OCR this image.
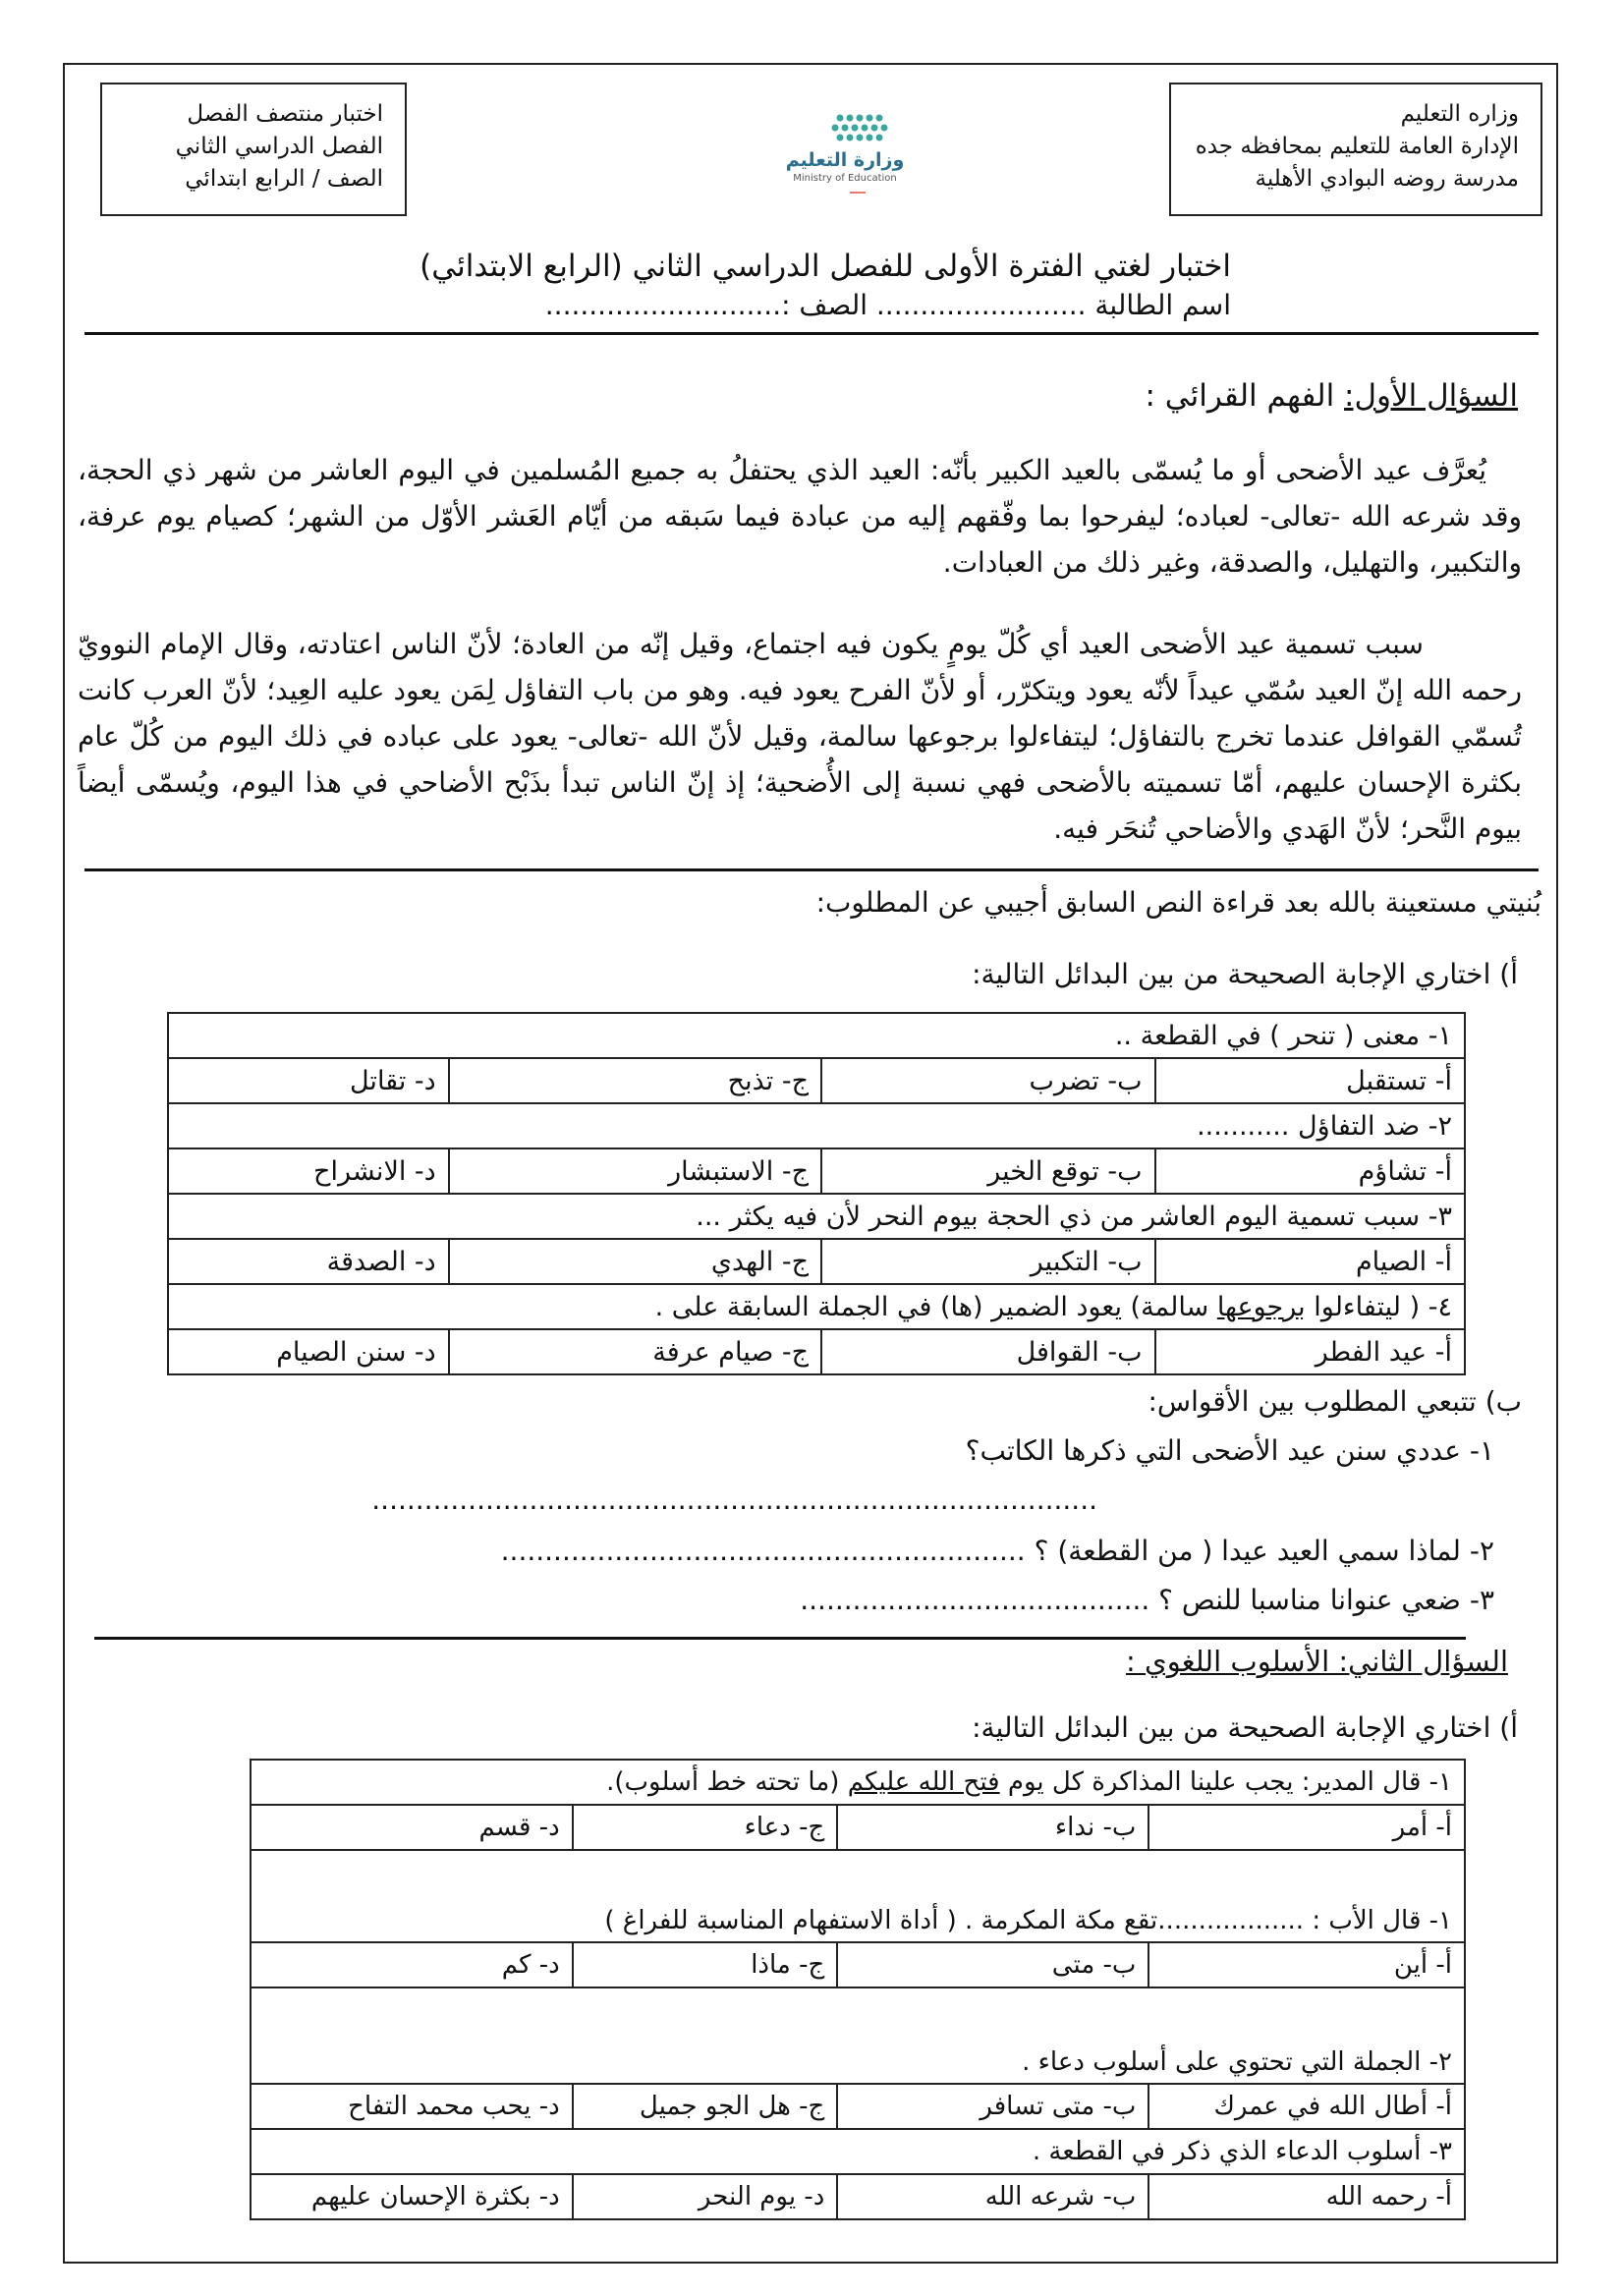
وزاره التعليم
الإدارة العامة للتعليم بمحافظه جده
مدرسة روضه البوادي الأهلية
اختبار منتصف الفصل
الفصل الدراسي الثاني
الصف / الرابع ابتدائي
وزارة التعليم
Ministry of Education
اختبار لغتي الفترة الأولى للفصل الدراسي الثاني (الرابع الابتدائي)
اسم الطالبة ........................ الصف :...........................
السؤال الأول: الفهم القرائي :
يُعرَّف عيد الأضحى أو ما يُسمّى بالعيد الكبير بأنّه: العيد الذي يحتفلُ به جميع المُسلمين في اليوم العاشر من شهر ذي الحجة، وقد شرعه الله -تعالى- لعباده؛ ليفرحوا بما وفّقهم إليه من عبادة فيما سَبقه من أيّام العَشر الأوّل من الشهر؛ كصيام يوم عرفة، والتكبير، والتهليل، والصدقة، وغير ذلك من العبادات.
سبب تسمية عيد الأضحى العيد أي كُلّ يومٍ يكون فيه اجتماع، وقيل إنّه من العادة؛ لأنّ الناس اعتادته، وقال الإمام النوويّ رحمه الله إنّ العيد سُمّي عيداً لأنّه يعود ويتكرّر، أو لأنّ الفرح يعود فيه. وهو من باب التفاؤل لِمَن يعود عليه العِيد؛ لأنّ العرب كانت تُسمّي القوافل عندما تخرج بالتفاؤل؛ ليتفاءلوا برجوعها سالمة، وقيل لأنّ الله -تعالى- يعود على عباده في ذلك اليوم من كُلّ عام بكثرة الإحسان عليهم، أمّا تسميته بالأضحى فهي نسبة إلى الأُضحية؛ إذ إنّ الناس تبدأ بذَبْح الأضاحي في هذا اليوم، ويُسمّى أيضاً بيوم النَّحر؛ لأنّ الهَدي والأضاحي تُنحَر فيه.
بُنيتي مستعينة بالله بعد قراءة النص السابق أجيبي عن المطلوب:
أ) اختاري الإجابة الصحيحة من بين البدائل التالية:
١- معنى ( تنحر ) في القطعة ..			
أ- تستقبل	ب- تضرب	ج- تذبح	د- تقاتل
٢- ضد التفاؤل ...........			
أ- تشاؤم	ب- توقع الخير	ج- الاستبشار	د- الانشراح
٣- سبب تسمية اليوم العاشر من ذي الحجة بيوم النحر لأن فيه يكثر ...			
أ- الصيام	ب- التكبير	ج- الهدي	د- الصدقة
٤- ( ليتفاءلوا برجوعها سالمة) يعود الضمير (ها) في الجملة السابقة على .			
أ- عيد الفطر	ب- القوافل	ج- صيام عرفة	د- سنن الصيام
ب) تتبعي المطلوب بين الأقواس:
١- عددي سنن عيد الأضحى التي ذكرها الكاتب؟
...................................................................................
٢- لماذا سمي العيد عيدا ( من القطعة) ؟ ............................................................
٣- ضعي عنوانا مناسبا للنص ؟ ........................................
السؤال الثاني: الأسلوب اللغوي :
أ) اختاري الإجابة الصحيحة من بين البدائل التالية:
١- قال المدير: يجب علينا المذاكرة كل يوم فتح الله عليكم (ما تحته خط أسلوب).			
أ- أمر	ب- نداء	ج- دعاء	د- قسم
١- قال الأب : ..................تقع مكة المكرمة . ( أداة الاستفهام المناسبة للفراغ )			
أ- أين	ب- متى	ج- ماذا	د- كم
٢- الجملة التي تحتوي على أسلوب دعاء .			
أ- أطال الله في عمرك	ب- متى تسافر	ج- هل الجو جميل	د- يحب محمد التفاح
٣- أسلوب الدعاء الذي ذكر في القطعة .			
أ- رحمه الله	ب- شرعه الله	د- يوم النحر	د- بكثرة الإحسان عليهم
